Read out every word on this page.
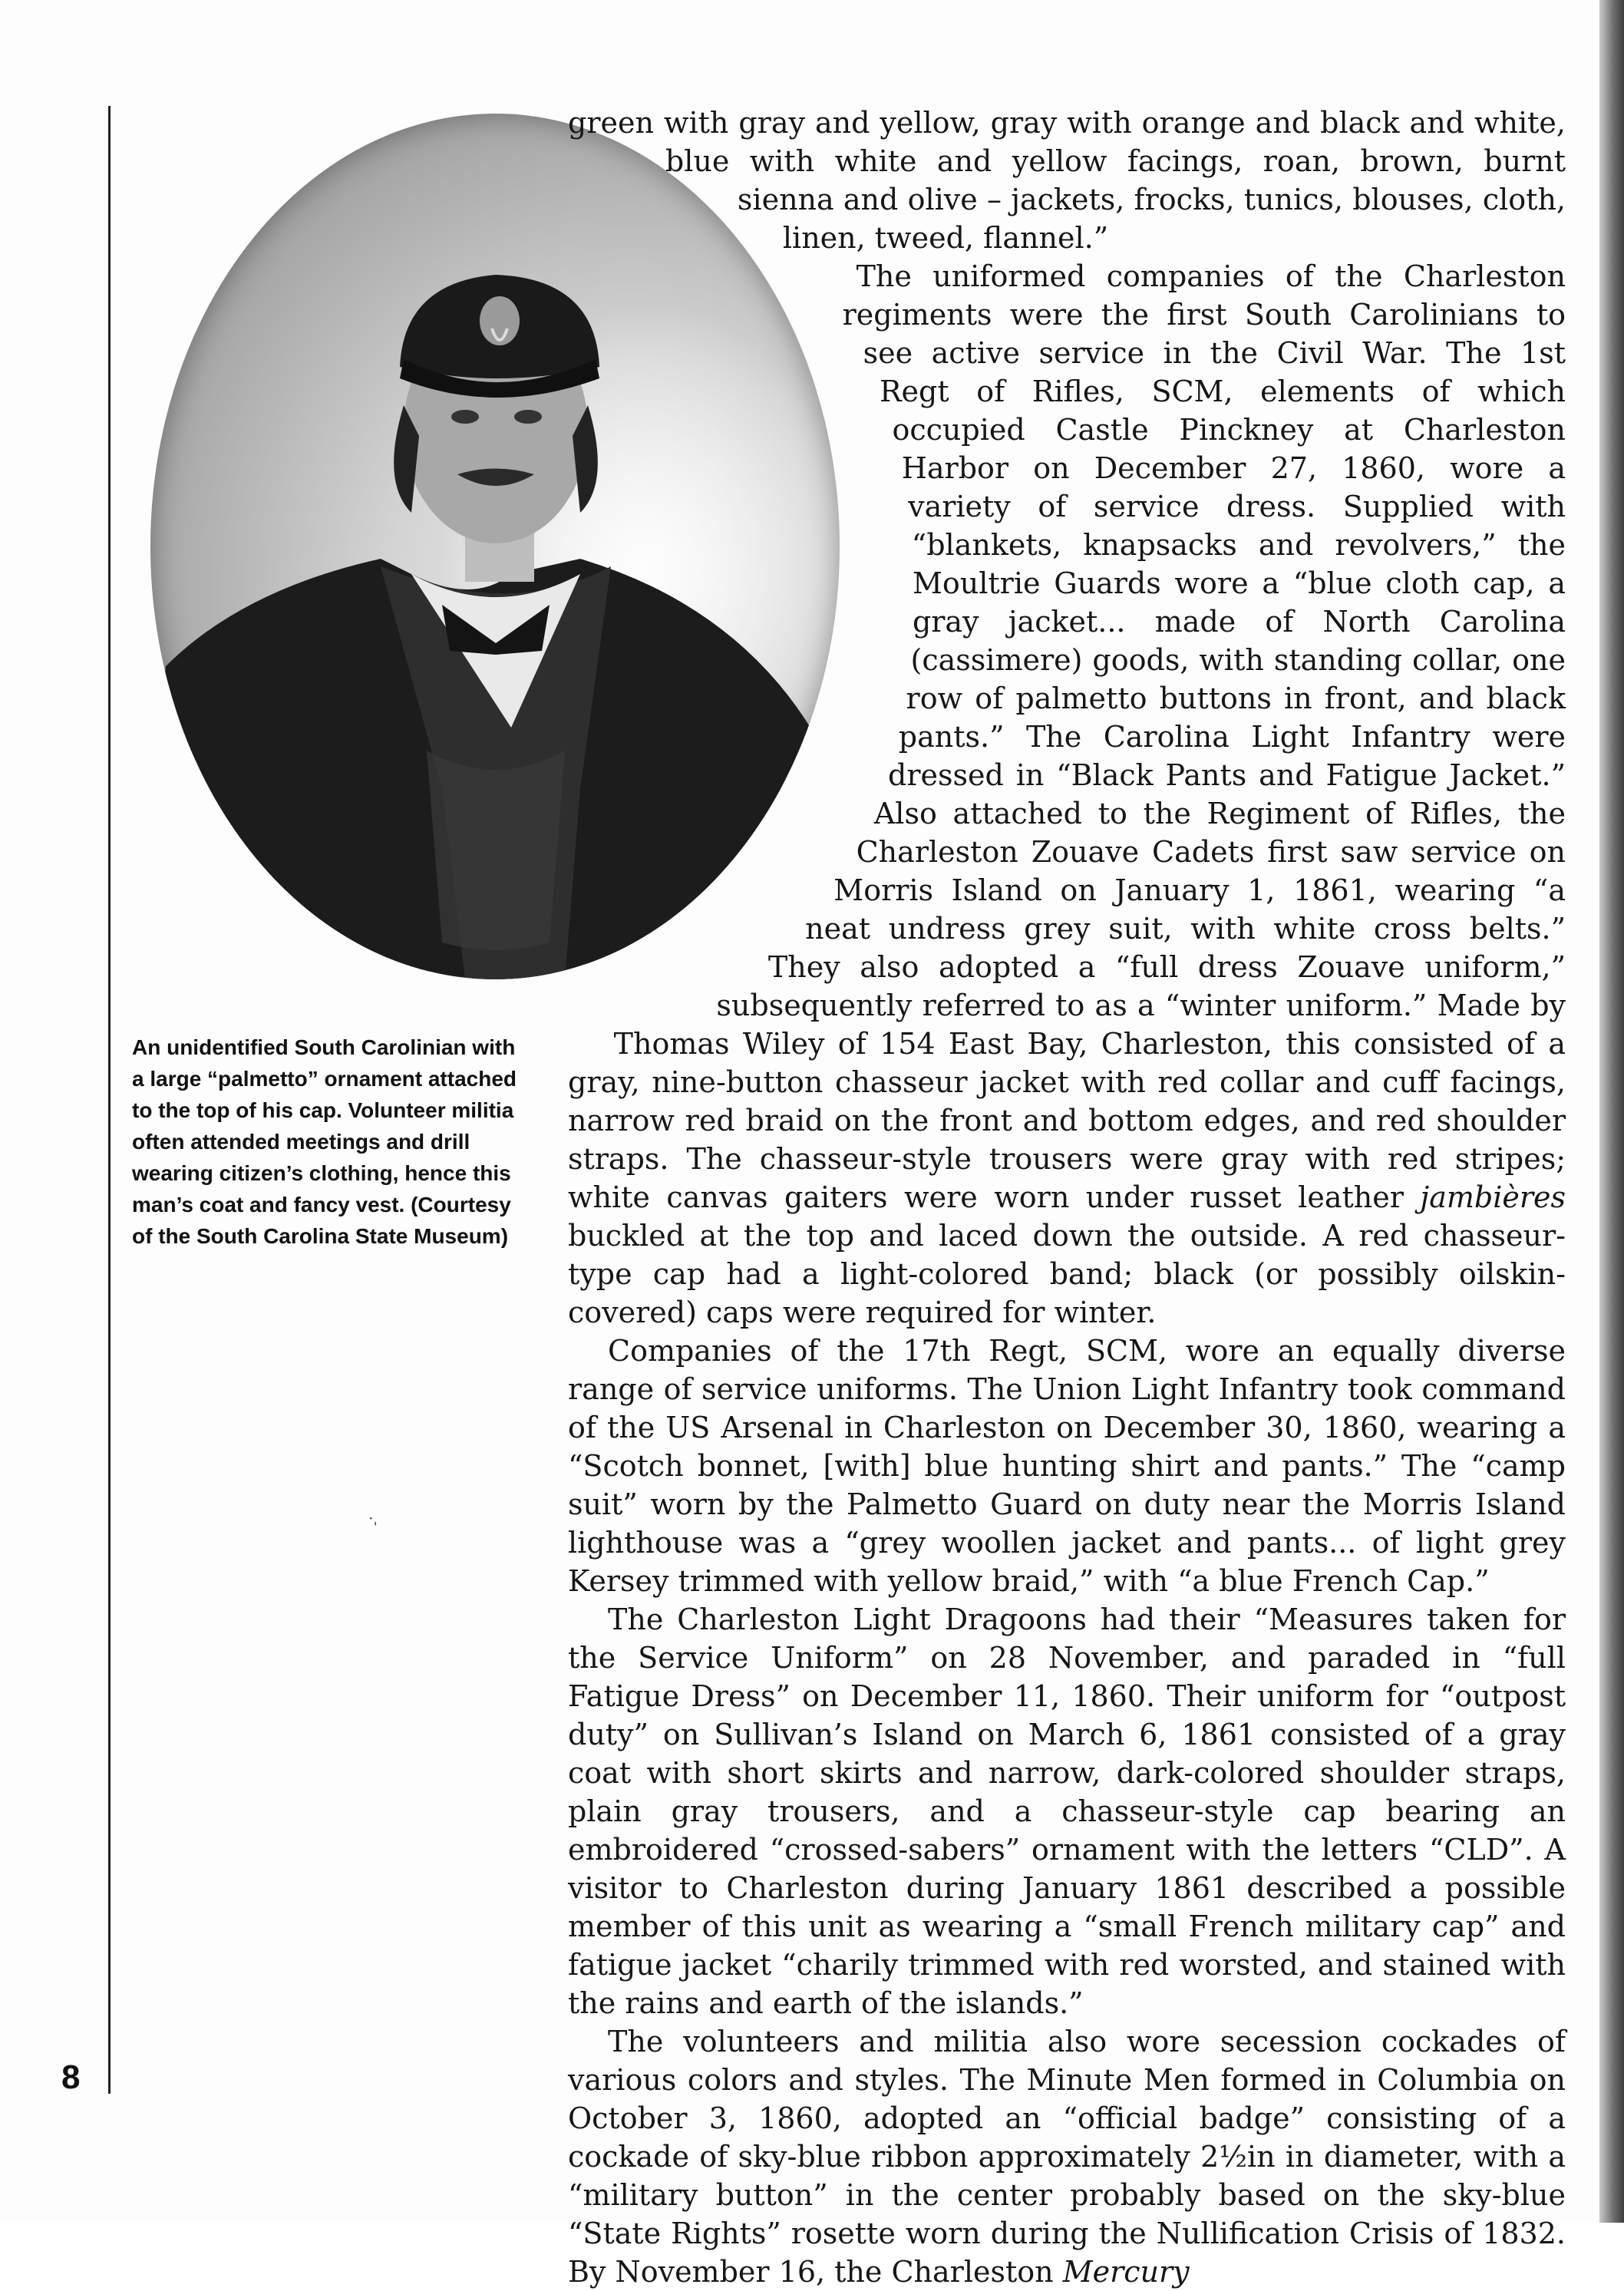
8
An unidentified South Carolinian with a large “palmetto” ornament attached to the top of his cap. Volunteer militia often attended meetings and drill wearing citizen’s clothing, hence this man’s coat and fancy vest. (Courtesy of the South Carolina State Museum)
·ˌ

green with gray and yellow, gray with orange and black and white, blue with white and yellow facings, roan, brown, burnt sienna and olive – jackets, frocks, tunics, blouses, cloth, linen, tweed, flannel.”

The uniformed companies of the Charleston regiments were the first South Carolinians to see active service in the Civil War. The 1st Regt of Rifles, SCM, elements of which occupied Castle Pinckney at Charleston Harbor on December 27, 1860, wore a variety of service dress. Supplied with “blankets, knapsacks and revolvers,” the Moultrie Guards wore a “blue cloth cap, a gray jacket... made of North Carolina (cassimere) goods, with standing collar, one row of palmetto buttons in front, and black pants.” The Carolina Light Infantry were dressed in “Black Pants and Fatigue Jacket.” Also attached to the Regiment of Rifles, the Charleston Zouave Cadets first saw service on Morris Island on January 1, 1861, wearing “a neat undress grey suit, with white cross belts.” They also adopted a “full dress Zouave uniform,” subsequently referred to as a “winter uniform.” Made by Thomas Wiley of 154 East Bay, Charleston, this consisted of a gray, nine-button chasseur jacket with red collar and cuff facings, narrow red braid on the front and bottom edges, and red shoulder straps. The chasseur-style trousers were gray with red stripes; white canvas gaiters were worn under russet leather jambières buckled at the top and laced down the outside. A red chasseur-type cap had a light-colored band; black (or possibly oilskin-covered) caps were required for winter.

Companies of the 17th Regt, SCM, wore an equally diverse range of service uniforms. The Union Light Infantry took command of the US Arsenal in Charleston on December 30, 1860, wearing a “Scotch bonnet, [with] blue hunting shirt and pants.” The “camp suit” worn by the Palmetto Guard on duty near the Morris Island lighthouse was a “grey woollen jacket and pants... of light grey Kersey trimmed with yellow braid,” with “a blue French Cap.”

The Charleston Light Dragoons had their “Measures taken for the Service Uniform” on 28 November, and paraded in “full Fatigue Dress” on December 11, 1860. Their uniform for “outpost duty” on Sullivan’s Island on March 6, 1861 consisted of a gray coat with short skirts and narrow, dark-colored shoulder straps, plain gray trousers, and a chasseur-style cap bearing an embroidered “crossed-sabers” ornament with the letters “CLD”. A visitor to Charleston during January 1861 described a possible member of this unit as wearing a “small French military cap” and fatigue jacket “charily trimmed with red worsted, and stained with the rains and earth of the islands.”

The volunteers and militia also wore secession cockades of various colors and styles. The Minute Men formed in Columbia on October 3, 1860, adopted an “official badge” consisting of a cockade of sky-blue ribbon approximately 2½in in diameter, with a “military button” in the center probably based on the sky-blue “State Rights” rosette worn during the Nullification Crisis of 1832. By November 16, the Charleston Mercury
